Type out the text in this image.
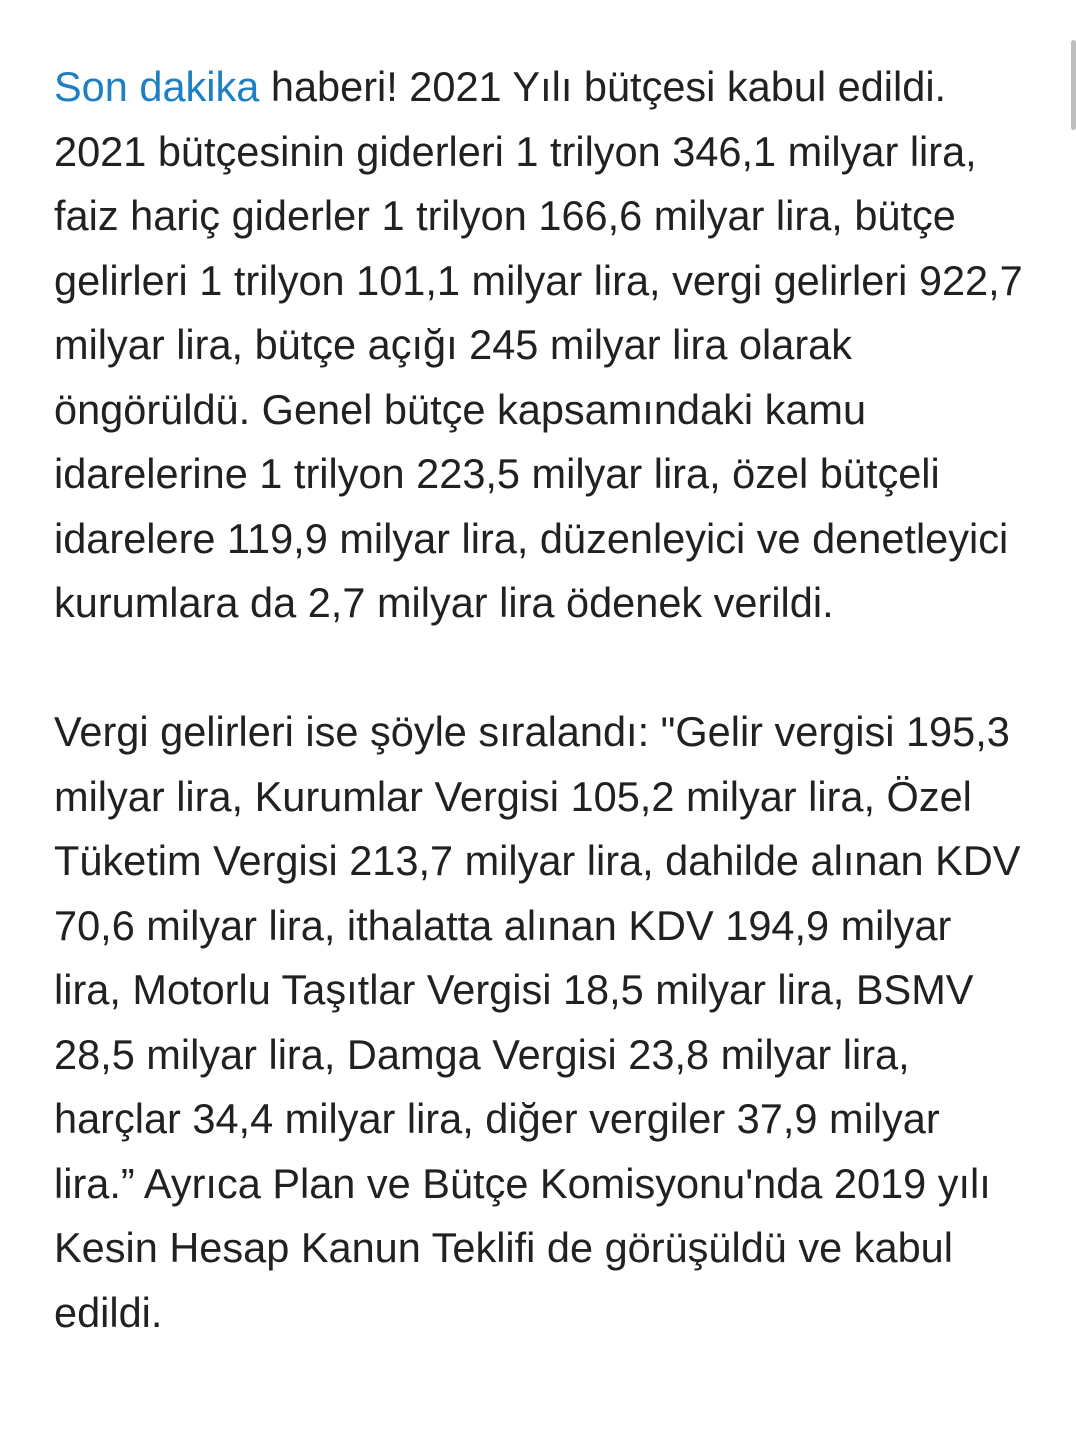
Son dakika haberi! 2021 Yılı bütçesi kabul edildi. 2021 bütçesinin giderleri 1 trilyon 346,1 milyar lira, faiz hariç giderler 1 trilyon 166,6 milyar lira, bütçe gelirleri 1 trilyon 101,1 milyar lira, vergi gelirleri 922,7 milyar lira, bütçe açığı 245 milyar lira olarak öngörüldü. Genel bütçe kapsamındaki kamu idarelerine 1 trilyon 223,5 milyar lira, özel bütçeli idarelere 119,9 milyar lira, düzenleyici ve denetleyici kurumlara da 2,7 milyar lira ödenek verildi.

Vergi gelirleri ise şöyle sıralandı: "Gelir vergisi 195,3 milyar lira, Kurumlar Vergisi 105,2 milyar lira, Özel Tüketim Vergisi 213,7 milyar lira, dahilde alınan KDV 70,6 milyar lira, ithalatta alınan KDV 194,9 milyar lira, Motorlu Taşıtlar Vergisi 18,5 milyar lira, BSMV 28,5 milyar lira, Damga Vergisi 23,8 milyar lira, harçlar 34,4 milyar lira, diğer vergiler 37,9 milyar lira.” Ayrıca Plan ve Bütçe Komisyonu'nda 2019 yılı Kesin Hesap Kanun Teklifi de görüşüldü ve kabul edildi.
